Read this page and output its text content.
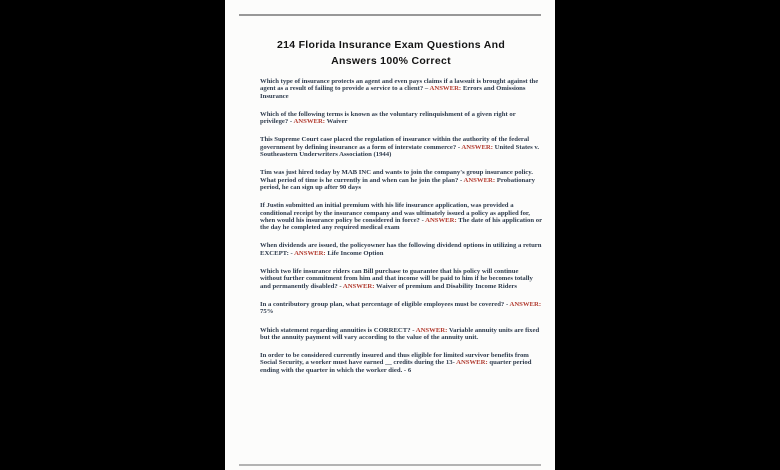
214 Florida Insurance Exam Questions And
Answers 100% Correct

Which type of insurance protects an agent and even pays claims if a lawsuit is brought against the agent as a result of failing to provide a service to a client? – ANSWER: Errors and Omissions Insurance

Which of the following terms is known as the voluntary relinquishment of a given right or privilege? - ANSWER: Waiver

This Supreme Court case placed the regulation of insurance within the authority of the federal government by defining insurance as a form of interstate commerce? - ANSWER: United States v. Southeastern Underwriters Association (1944)

Tim was just hired today by MAB INC and wants to join the company's group insurance policy. What period of time is he currently in and when can he join the plan? - ANSWER: Probationary period, he can sign up after 90 days

If Justin submitted an initial premium with his life insurance application, was provided a conditional receipt by the insurance company and was ultimately issued a policy as applied for, when would his insurance policy be considered in force? - ANSWER: The date of his application or the day he completed any required medical exam

When dividends are issued, the policyowner has the following dividend options in utilizing a return EXCEPT: - ANSWER: Life Income Option

Which two life insurance riders can Bill purchase to guarantee that his policy will continue without further commitment from him and that income will be paid to him if he becomes totally and permanently disabled? - ANSWER: Waiver of premium and Disability Income Riders

In a contributory group plan, what percentage of eligible employees must be covered? - ANSWER: 75%

Which statement regarding annuities is CORRECT? - ANSWER: Variable annuity units are fixed but the annuity payment will vary according to the value of the annuity unit.

In order to be considered currently insured and thus eligible for limited survivor benefits from Social Security, a worker must have earned __ credits during the 13- ANSWER: quarter period ending with the quarter in which the worker died. - 6
